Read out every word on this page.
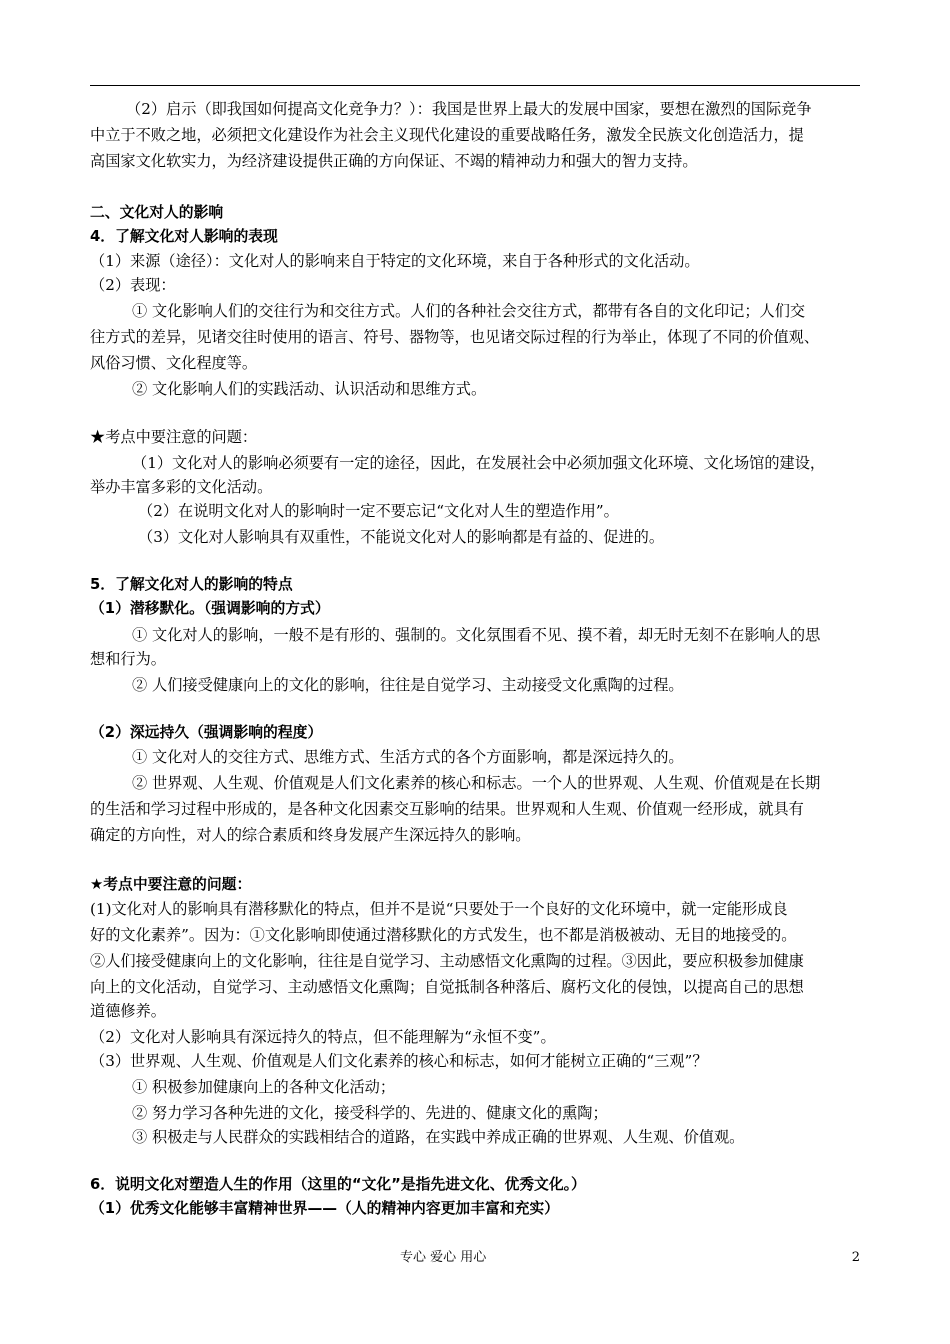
（2）启示（即我国如何提高文化竞争力？）：我国是世界上最大的发展中国家，要想在激烈的国际竞争
中立于不败之地，必须把文化建设作为社会主义现代化建设的重要战略任务，激发全民族文化创造活力，提
高国家文化软实力，为经济建设提供正确的方向保证、不竭的精神动力和强大的智力支持。
二、文化对人的影响
4．了解文化对人影响的表现
（1）来源（途径）：文化对人的影响来自于特定的文化环境，来自于各种形式的文化活动。
（2）表现：
① 文化影响人们的交往行为和交往方式。人们的各种社会交往方式，都带有各自的文化印记；人们交
往方式的差异，见诸交往时使用的语言、符号、器物等，也见诸交际过程的行为举止，体现了不同的价值观、
风俗习惯、文化程度等。
② 文化影响人们的实践活动、认识活动和思维方式。
★考点中要注意的问题：
（1）文化对人的影响必须要有一定的途径，因此，在发展社会中必须加强文化环境、文化场馆的建设，
举办丰富多彩的文化活动。
（2）在说明文化对人的影响时一定不要忘记“文化对人生的塑造作用”。
（3）文化对人影响具有双重性，不能说文化对人的影响都是有益的、促进的。
5．了解文化对人的影响的特点
（1）潜移默化。（强调影响的方式）
① 文化对人的影响，一般不是有形的、强制的。文化氛围看不见、摸不着，却无时无刻不在影响人的思
想和行为。
② 人们接受健康向上的文化的影响，往往是自觉学习、主动接受文化熏陶的过程。
（2）深远持久（强调影响的程度）
① 文化对人的交往方式、思维方式、生活方式的各个方面影响，都是深远持久的。
② 世界观、人生观、价值观是人们文化素养的核心和标志。一个人的世界观、人生观、价值观是在长期
的生活和学习过程中形成的，是各种文化因素交互影响的结果。世界观和人生观、价值观一经形成，就具有
确定的方向性，对人的综合素质和终身发展产生深远持久的影响。
★考点中要注意的问题：
(1)文化对人的影响具有潜移默化的特点，但并不是说“只要处于一个良好的文化环境中，就一定能形成良
好的文化素养”。因为：①文化影响即使通过潜移默化的方式发生，也不都是消极被动、无目的地接受的。
②人们接受健康向上的文化影响，往往是自觉学习、主动感悟文化熏陶的过程。③因此，要应积极参加健康
向上的文化活动，自觉学习、主动感悟文化熏陶；自觉抵制各种落后、腐朽文化的侵蚀，以提高自己的思想
道德修养。
（2）文化对人影响具有深远持久的特点，但不能理解为“永恒不变”。
（3）世界观、人生观、价值观是人们文化素养的核心和标志，如何才能树立正确的“三观”？
① 积极参加健康向上的各种文化活动；
② 努力学习各种先进的文化，接受科学的、先进的、健康文化的熏陶；
③ 积极走与人民群众的实践相结合的道路，在实践中养成正确的世界观、人生观、价值观。
6．说明文化对塑造人生的作用（这里的“文化”是指先进文化、优秀文化。）
（1）优秀文化能够丰富精神世界——（人的精神内容更加丰富和充实）
专心 爱心 用心	2
